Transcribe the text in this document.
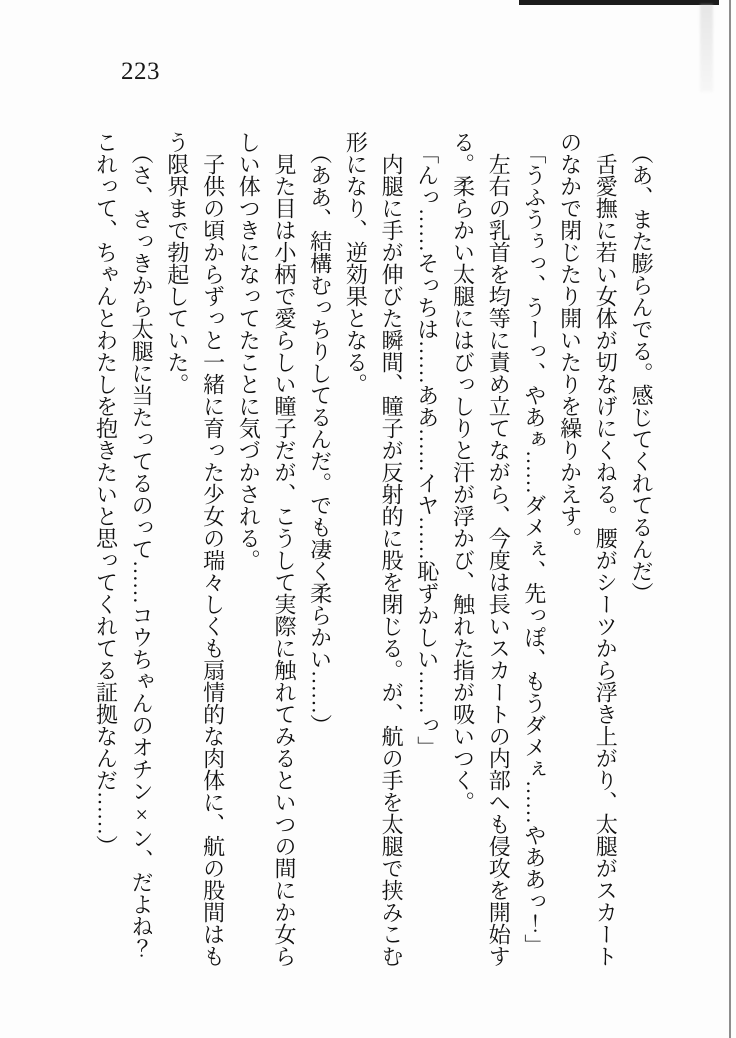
223
（あ、また膨らんでる。感じてくれてるんだ）
舌愛撫に若い女体が切なげにくねる。腰がシーツから浮き上がり、太腿がスカート
のなかで閉じたり開いたりを繰りかえす。
「うふうぅっ、うーっ、やあぁ……ダメぇ、先っぽ、もうダメぇ……やああっ！」
左右の乳首を均等に責め立てながら、今度は長いスカートの内部へも侵攻を開始す
る。柔らかい太腿にはびっしりと汗が浮かび、触れた指が吸いつく。
「んっ……そっちは……ああ……イヤ……恥ずかしい……っ」
内腿に手が伸びた瞬間、瞳子が反射的に股を閉じる。が、航の手を太腿で挟みこむ
形になり、逆効果となる。
（ああ、結構むっちりしてるんだ。でも凄く柔らかい……）
見た目は小柄で愛らしい瞳子だが、こうして実際に触れてみるといつの間にか女ら
しい体つきになってたことに気づかされる。
子供の頃からずっと一緒に育った少女の瑞々しくも扇情的な肉体に、航の股間はも
う限界まで勃起していた。
（さ、さっきから太腿に当たってるのって……コウちゃんのオチン×ン、だよね？
これって、ちゃんとわたしを抱きたいと思ってくれてる証拠なんだ……）
